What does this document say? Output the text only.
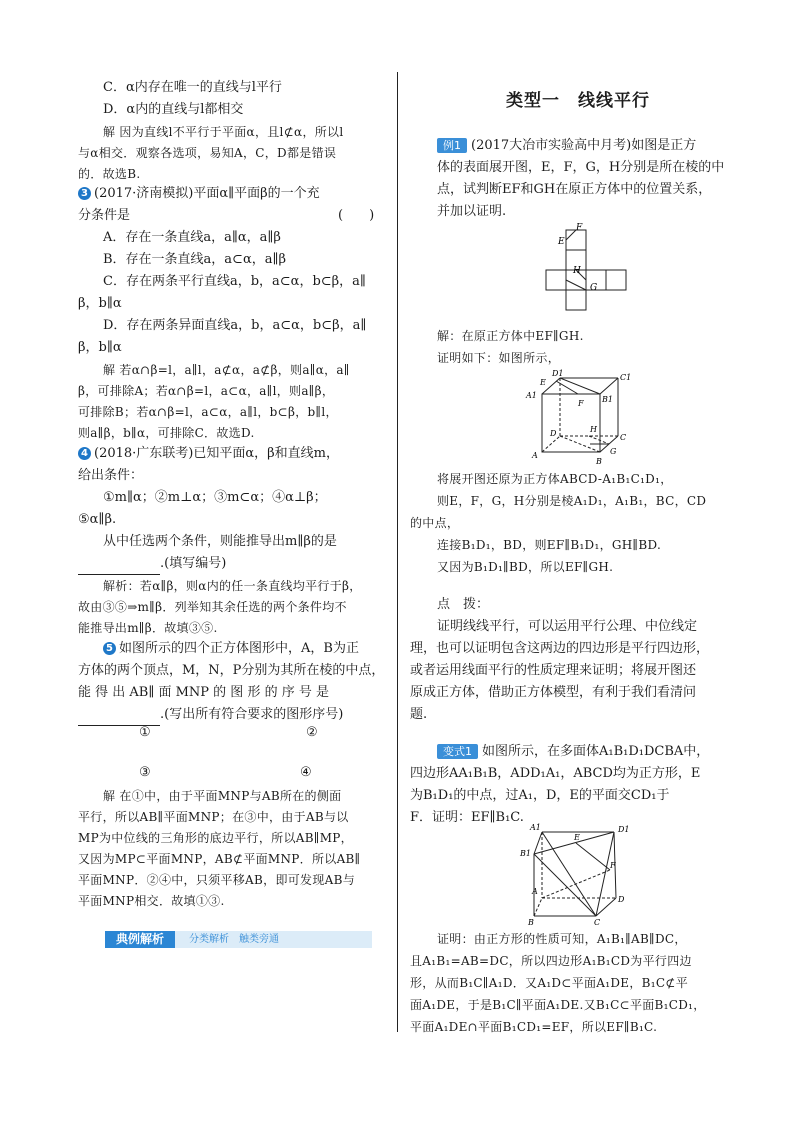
C．α内存在唯一的直线与l平行
D．α内的直线与l都相交
解 因为直线l不平行于平面α，且l⊄α，所以l
与α相交．观察各选项，易知A，C，D都是错误
的．故选B.
3 (2017·济南模拟)平面α∥平面β的一个充
分条件是	(　　)
A．存在一条直线a，a∥α，a∥β
B．存在一条直线a，a⊂α，a∥β
C．存在两条平行直线a，b，a⊂α，b⊂β，a∥
β，b∥α
D．存在两条异面直线a，b，a⊂α，b⊂β，a∥
β，b∥α
解 若α∩β=l，a∥l，a⊄α，a⊄β，则a∥α，a∥
β，可排除A；若α∩β=l，a⊂α，a∥l，则a∥β，
可排除B；若α∩β=l，a⊂α，a∥l，b⊂β，b∥l，
则a∥β，b∥α，可排除C．故选D.
4 (2018·广东联考)已知平面α，β和直线m，
给出条件：
①m∥α；②m⊥α；③m⊂α；④α⊥β；
⑤α∥β.
从中任选两个条件，则能推导出m∥β的是
.(填写编号)
解析：若α∥β，则α内的任一条直线均平行于β，
故由③⑤⇒m∥β．列举知其余任选的两个条件均不
能推导出m∥β．故填③⑤.
5 如图所示的四个正方体图形中，A，B为正
方体的两个顶点，M，N，P分别为其所在棱的中点，
能 得 出 AB∥ 面 MNP 的 图 形 的 序 号 是
.(写出所有符合要求的图形序号)
①	②
③	④
解 在①中，由于平面MNP与AB所在的侧面
平行，所以AB∥平面MNP；在③中，由于AB与以
MP为中位线的三角形的底边平行，所以AB∥MP，
又因为MP⊂平面MNP，AB⊄平面MNP．所以AB∥
平面MNP．②④中，只须平移AB，即可发现AB与
平面MNP相交．故填①③.
典例解析	分类解析　触类旁通
类型一　线线平行
例1 (2017大冶市实验高中月考)如图是正方
体的表面展开图，E，F，G，H分别是所在棱的中
点，试判断EF和GH在原正方体中的位置关系，
并加以证明.
F
E
H
G
解：在原正方体中EF∥GH.
证明如下：如图所示，
D1	C1
E
A1
F B1
H
D	C
A	G
B
将展开图还原为正方体ABCD-A₁B₁C₁D₁，
则E，F，G，H分别是棱A₁D₁，A₁B₁，BC，CD
的中点，
连接B₁D₁，BD，则EF∥B₁D₁，GH∥BD.
又因为B₁D₁∥BD，所以EF∥GH.
点　拨：
证明线线平行，可以运用平行公理、中位线定
理，也可以证明包含这两边的四边形是平行四边形，
或者运用线面平行的性质定理来证明；将展开图还
原成正方体，借助正方体模型，有利于我们看清问
题.
变式1 如图所示，在多面体A₁B₁D₁DCBA中，
四边形AA₁B₁B，ADD₁A₁，ABCD均为正方形，E
为B₁D₁的中点，过A₁，D，E的平面交CD₁于
F．证明：EF∥B₁C.
A1
E
D1
B1
F
D
A
B	C
证明：由正方形的性质可知，A₁B₁∥AB∥DC，
且A₁B₁=AB=DC，所以四边形A₁B₁CD为平行四边
形，从而B₁C∥A₁D．又A₁D⊂平面A₁DE，B₁C⊄平
面A₁DE，于是B₁C∥平面A₁DE.又B₁C⊂平面B₁CD₁，
平面A₁DE∩平面B₁CD₁=EF，所以EF∥B₁C.
